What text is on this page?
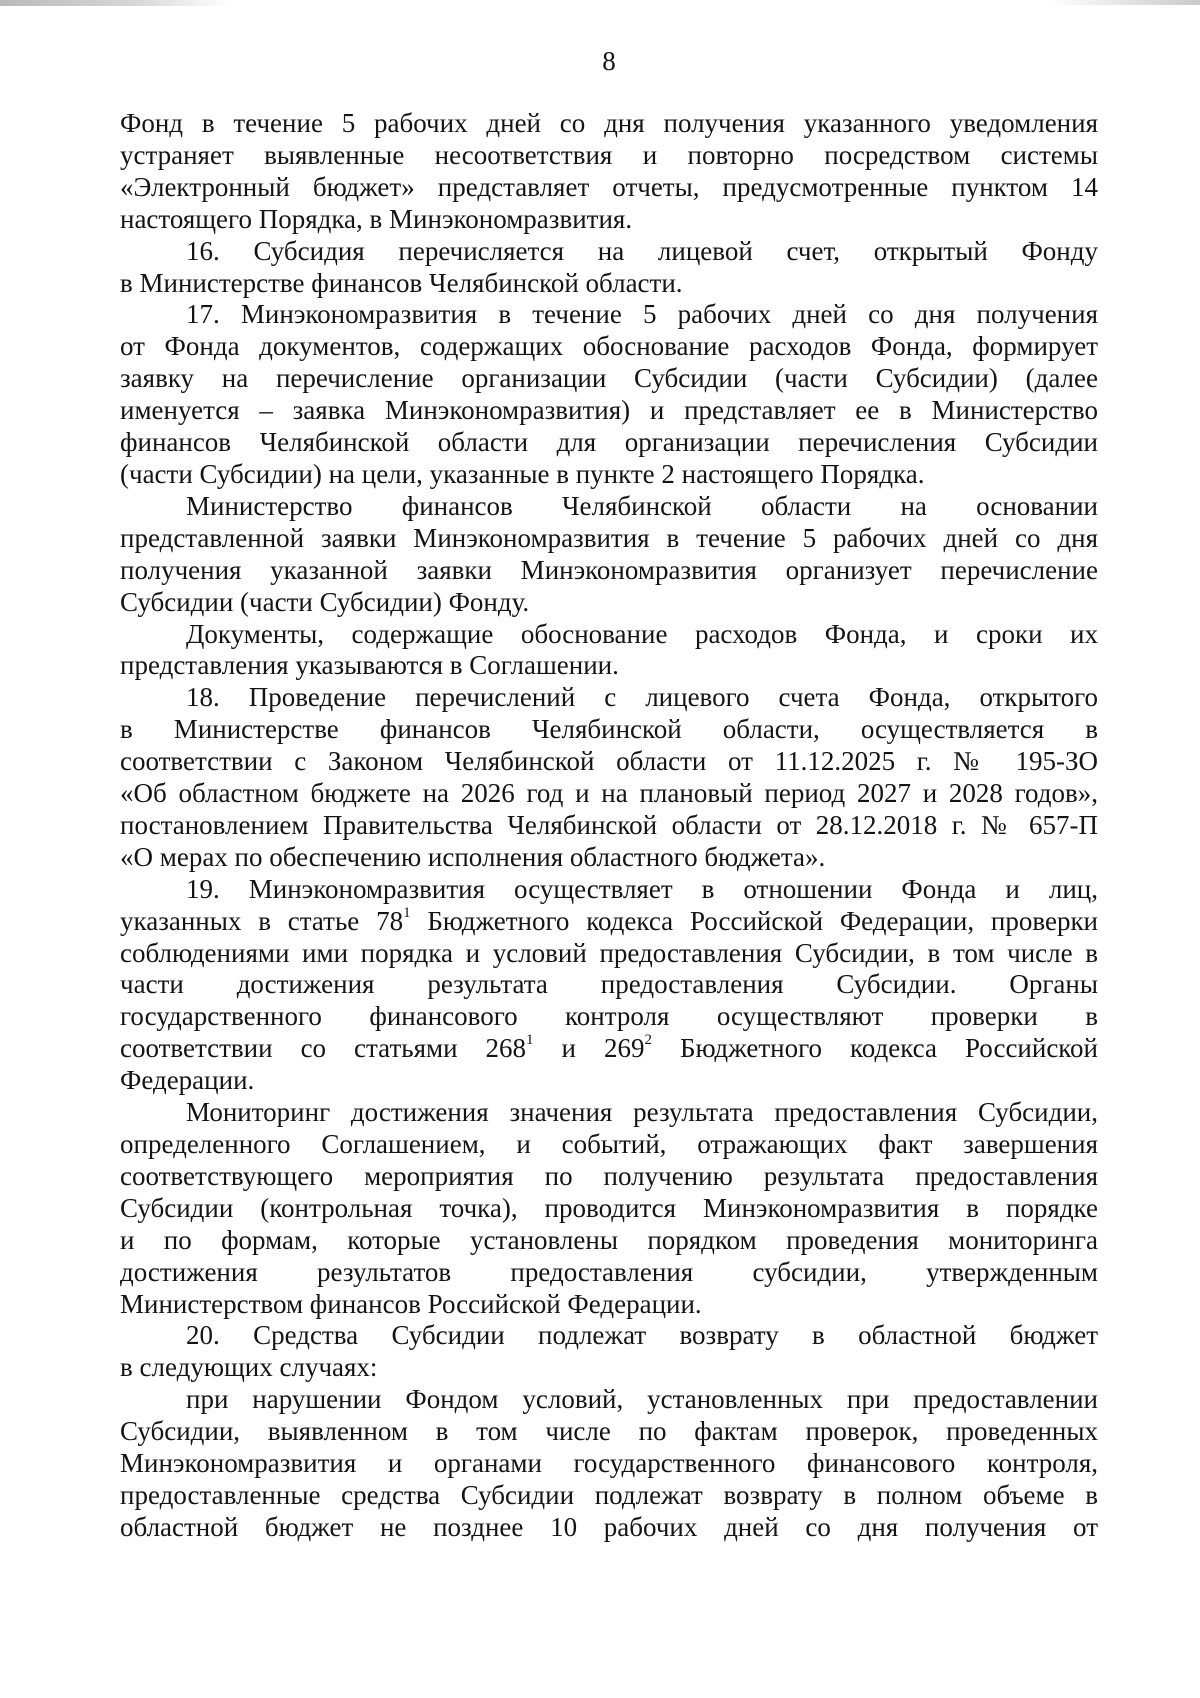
8
Фонд в течение 5 рабочих дней со дня получения указанного уведомления
устраняет выявленные несоответствия и повторно посредством системы
«Электронный бюджет» представляет отчеты, предусмотренные пунктом 14
настоящего Порядка, в Минэкономразвития.
16. Субсидия перечисляется на лицевой счет, открытый Фонду
в Министерстве финансов Челябинской области.
17. Минэкономразвития в течение 5 рабочих дней со дня получения
от Фонда документов, содержащих обоснование расходов Фонда, формирует
заявку на перечисление организации Субсидии (части Субсидии) (далее
именуется – заявка Минэкономразвития) и представляет ее в Министерство
финансов Челябинской области для организации перечисления Субсидии
(части Субсидии) на цели, указанные в пункте 2 настоящего Порядка.
Министерство финансов Челябинской области на основании
представленной заявки Минэкономразвития в течение 5 рабочих дней со дня
получения указанной заявки Минэкономразвития организует перечисление
Субсидии (части Субсидии) Фонду.
Документы, содержащие обоснование расходов Фонда, и сроки их
представления указываются в Соглашении.
18. Проведение перечислений с лицевого счета Фонда, открытого
в Министерстве финансов Челябинской области, осуществляется в
соответствии с Законом Челябинской области от 11.12.2025 г. № 195-ЗО
«Об областном бюджете на 2026 год и на плановый период 2027 и 2028 годов»,
постановлением Правительства Челябинской области от 28.12.2018 г. № 657-П
«О мерах по обеспечению исполнения областного бюджета».
19. Минэкономразвития осуществляет в отношении Фонда и лиц,
указанных в статье $78^1$ Бюджетного кодекса Российской Федерации, проверки
соблюдениями ими порядка и условий предоставления Субсидии, в том числе в
части достижения результата предоставления Субсидии. Органы
государственного финансового контроля осуществляют проверки в
соответствии со статьями $268^1$ и $269^2$ Бюджетного кодекса Российской
Федерации.
Мониторинг достижения значения результата предоставления Субсидии,
определенного Соглашением, и событий, отражающих факт завершения
соответствующего мероприятия по получению результата предоставления
Субсидии (контрольная точка), проводится Минэкономразвития в порядке
и по формам, которые установлены порядком проведения мониторинга
достижения результатов предоставления субсидии, утвержденным
Министерством финансов Российской Федерации.
20. Средства Субсидии подлежат возврату в областной бюджет
в следующих случаях:
при нарушении Фондом условий, установленных при предоставлении
Субсидии, выявленном в том числе по фактам проверок, проведенных
Минэкономразвития и органами государственного финансового контроля,
предоставленные средства Субсидии подлежат возврату в полном объеме в
областной бюджет не позднее 10 рабочих дней со дня получения от
